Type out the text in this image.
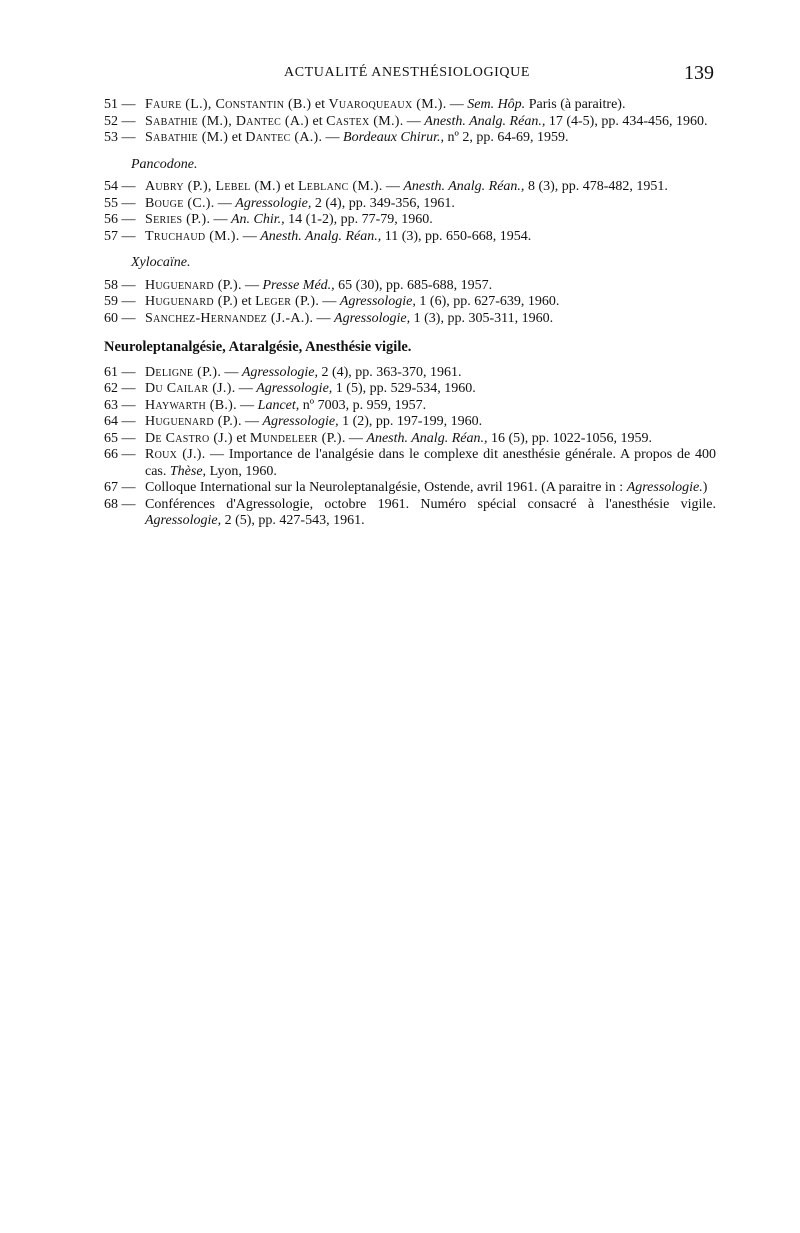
ACTUALITÉ ANESTHÉSIOLOGIQUE	139
51 — Faure (L.), Constantin (B.) et Vuaroqueaux (M.). — Sem. Hôp. Paris (à paraitre).
52 — Sabathie (M.), Dantec (A.) et Castex (M.). — Anesth. Analg. Réan., 17 (4-5), pp. 434-456, 1960.
53 — Sabathie (M.) et Dantec (A.). — Bordeaux Chirur., nº 2, pp. 64-69, 1959.
Pancodone.
54 — Aubry (P.), Lebel (M.) et Leblanc (M.). — Anesth. Analg. Réan., 8 (3), pp. 478-482, 1951.
55 — Bouge (C.). — Agressologie, 2 (4), pp. 349-356, 1961.
56 — Series (P.). — An. Chir., 14 (1-2), pp. 77-79, 1960.
57 — Truchaud (M.). — Anesth. Analg. Réan., 11 (3), pp. 650-668, 1954.
Xylocaïne.
58 — Huguenard (P.). — Presse Méd., 65 (30), pp. 685-688, 1957.
59 — Huguenard (P.) et Leger (P.). — Agressologie, 1 (6), pp. 627-639, 1960.
60 — Sanchez-Hernandez (J.-A.). — Agressologie, 1 (3), pp. 305-311, 1960.
Neuroleptanalgésie, Ataralgésie, Anesthésie vigile.
61 — Deligne (P.). — Agressologie, 2 (4), pp. 363-370, 1961.
62 — Du Cailar (J.). — Agressologie, 1 (5), pp. 529-534, 1960.
63 — Haywarth (B.). — Lancet, nº 7003, p. 959, 1957.
64 — Huguenard (P.). — Agressologie, 1 (2), pp. 197-199, 1960.
65 — De Castro (J.) et Mundeleer (P.). — Anesth. Analg. Réan., 16 (5), pp. 1022-1056, 1959.
66 — Roux (J.). — Importance de l'analgésie dans le complexe dit anesthésie générale. A propos de 400 cas. Thèse, Lyon, 1960.
67 — Colloque International sur la Neuroleptanalgésie, Ostende, avril 1961. (A paraitre in : Agressologie.)
68 — Conférences d'Agressologie, octobre 1961. Numéro spécial consacré à l'anesthésie vigile. Agressologie, 2 (5), pp. 427-543, 1961.
